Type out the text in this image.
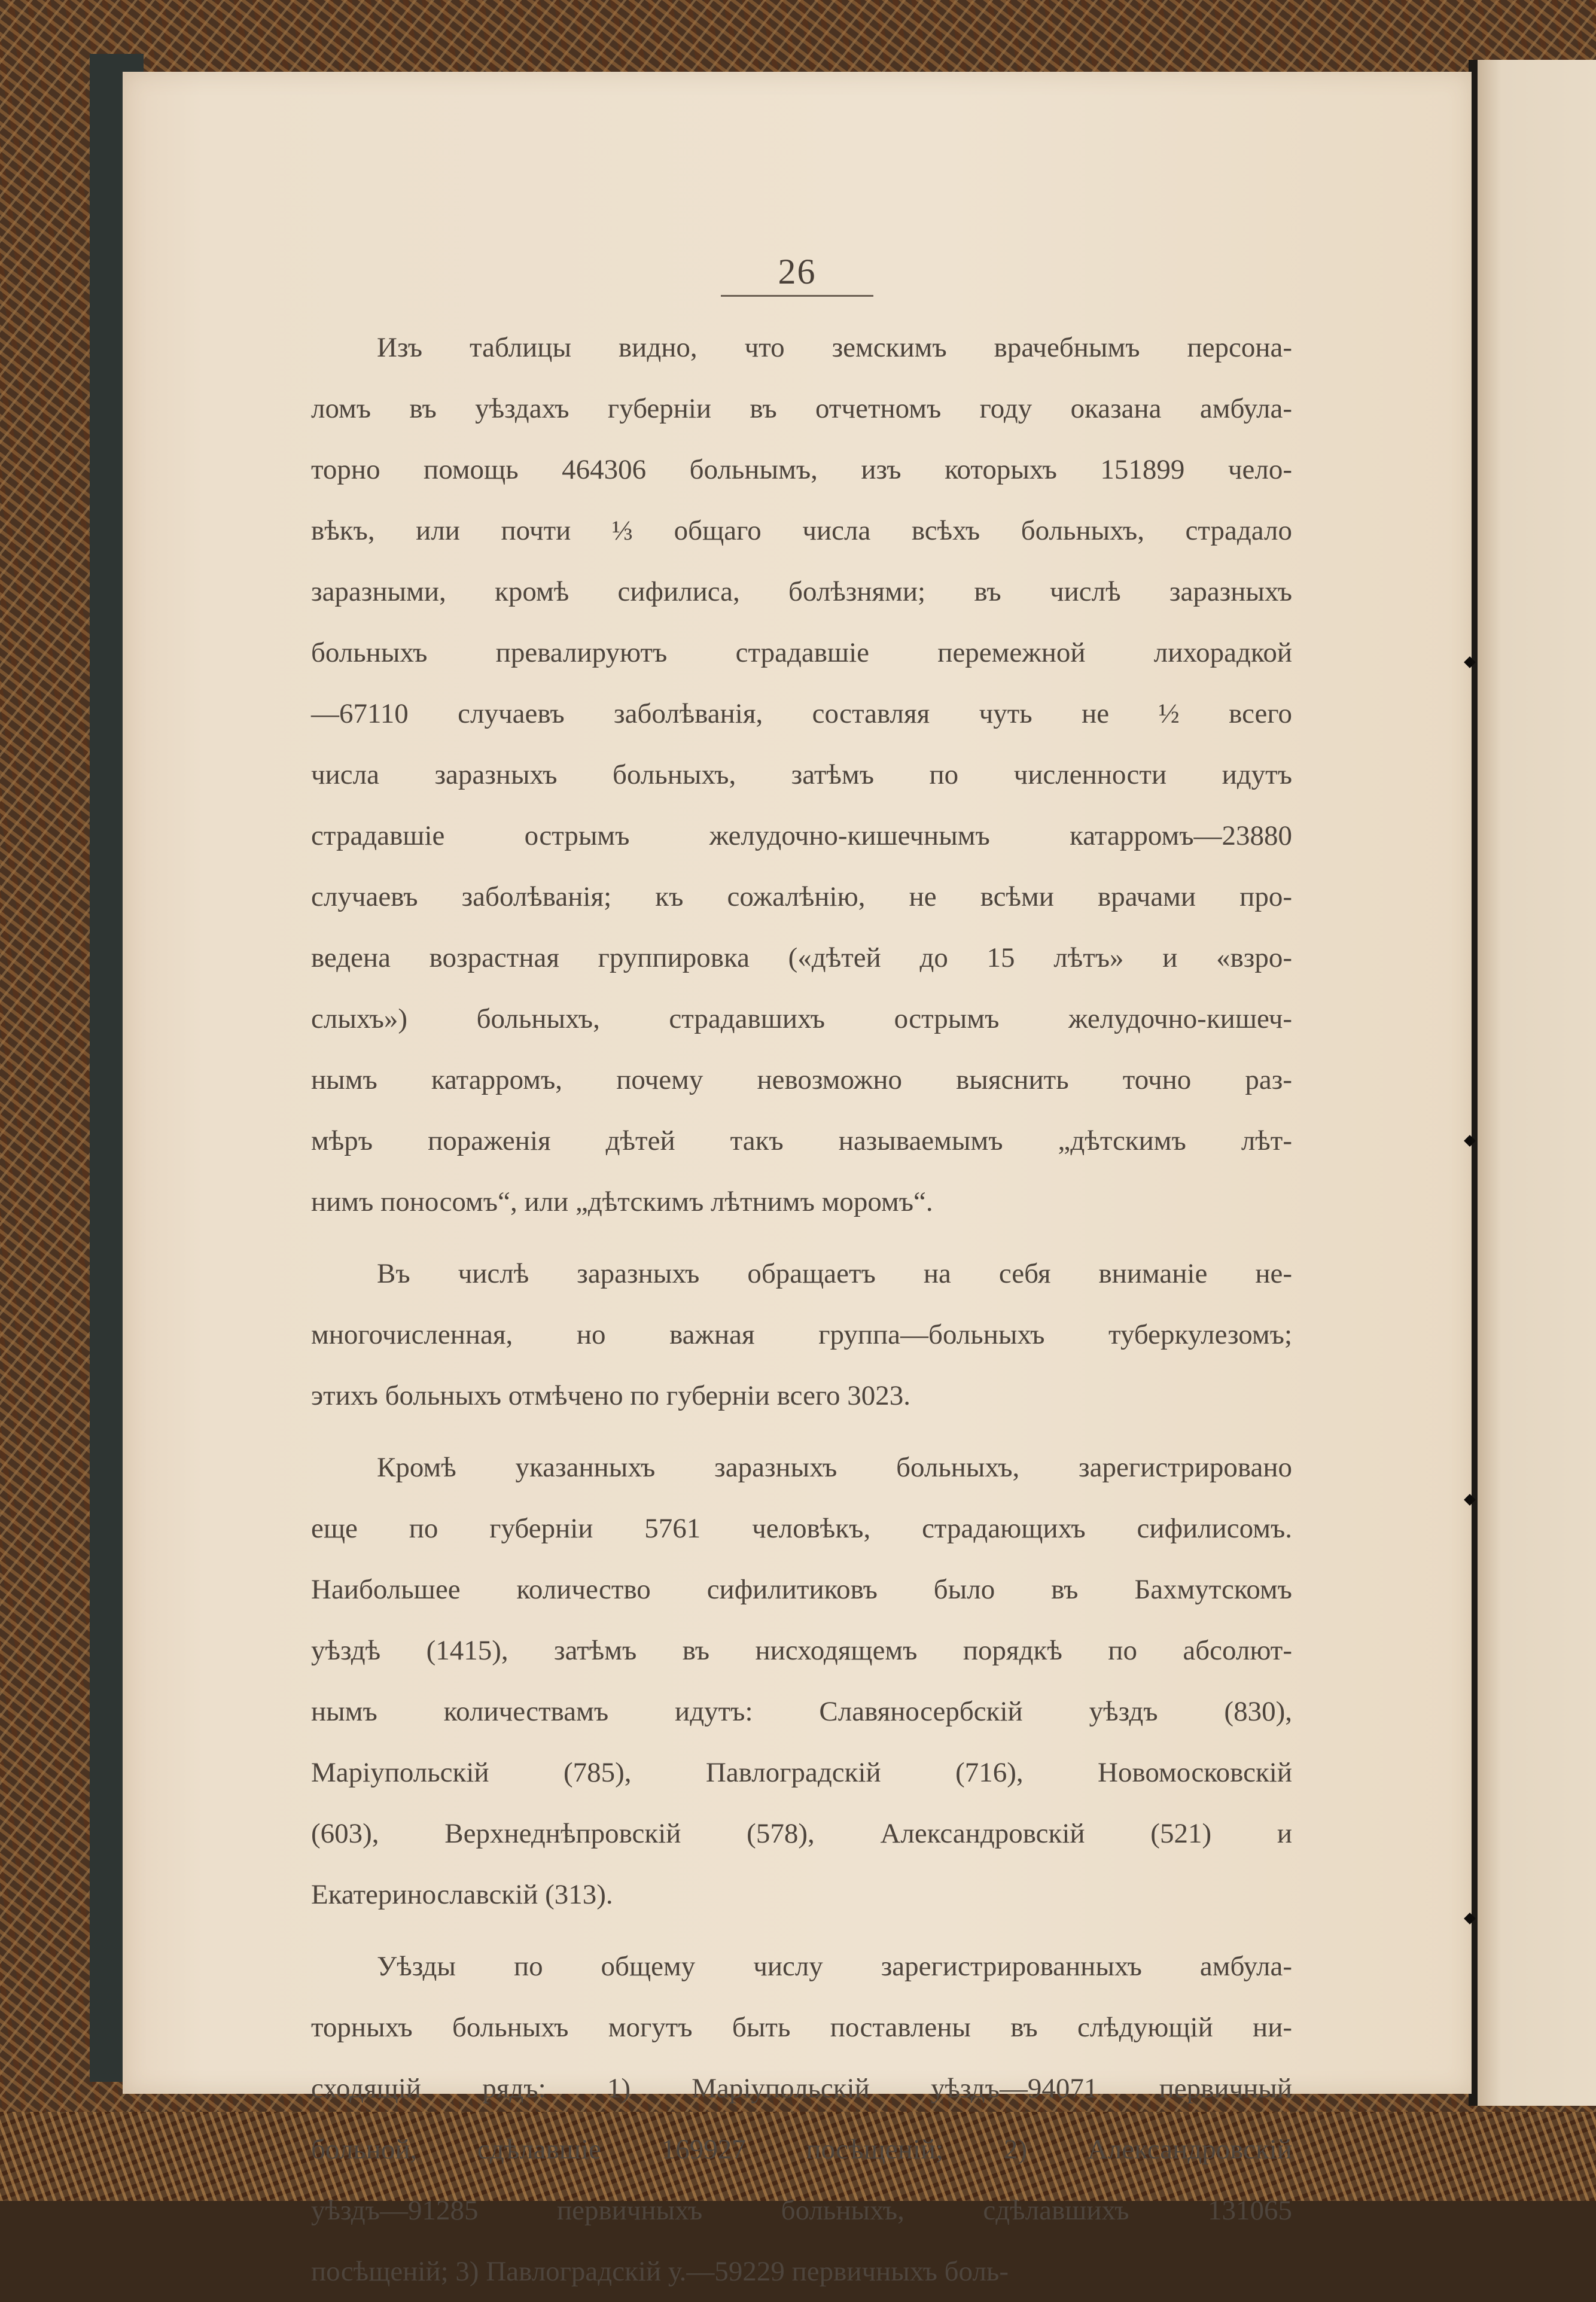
26
Изъ таблицы видно, что земскимъ врачебнымъ персона-
ломъ въ уѣздахъ губерніи въ отчетномъ году оказана амбула-
торно помощь 464306 больнымъ, изъ которыхъ 151899 чело-
вѣкъ, или почти ⅓ общаго числа всѣхъ больныхъ, страдало
заразными, кромѣ сифилиса, болѣзнями; въ числѣ заразныхъ
больныхъ превалируютъ страдавшіе перемежной лихорадкой
—67110 случаевъ заболѣванія, составляя чуть не ½ всего
числа заразныхъ больныхъ, затѣмъ по численности идутъ
страдавшіе острымъ желудочно-кишечнымъ катарромъ—23880
случаевъ заболѣванія; къ сожалѣнію, не всѣми врачами про-
ведена возрастная группировка («дѣтей до 15 лѣтъ» и «взро-
слыхъ») больныхъ, страдавшихъ острымъ желудочно-кишеч-
нымъ катарромъ, почему невозможно выяснить точно раз-
мѣръ пораженія дѣтей такъ называемымъ „дѣтскимъ лѣт-
нимъ поносомъ“, или „дѣтскимъ лѣтнимъ моромъ“.
Въ числѣ заразныхъ обращаетъ на себя вниманіе не-
многочисленная, но важная группа—больныхъ туберкулезомъ;
этихъ больныхъ отмѣчено по губерніи всего 3023.
Кромѣ указанныхъ заразныхъ больныхъ, зарегистрировано
еще по губерніи 5761 человѣкъ, страдающихъ сифилисомъ.
Наибольшее количество сифилитиковъ было въ Бахмутскомъ
уѣздѣ (1415), затѣмъ въ нисходящемъ порядкѣ по абсолют-
нымъ количествамъ идутъ: Славяносербскій уѣздъ (830),
Маріупольскій (785), Павлоградскій (716), Новомосковскій
(603), Верхнеднѣпровскій (578), Александровскій (521) и
Екатеринославскій (313).
Уѣзды по общему числу зарегистрированныхъ амбула-
торныхъ больныхъ могутъ быть поставлены въ слѣдующій ни-
сходящій рядъ: 1) Маріупольскій уѣздъ—94071 первичный
больной, сдѣлавшіе 169927 посѣщеній; 2) Александровскій
уѣздъ—91285 первичныхъ больныхъ, сдѣлавшихъ 131065
посѣщеній; 3) Павлоградскій у.—59229 первичныхъ боль-
